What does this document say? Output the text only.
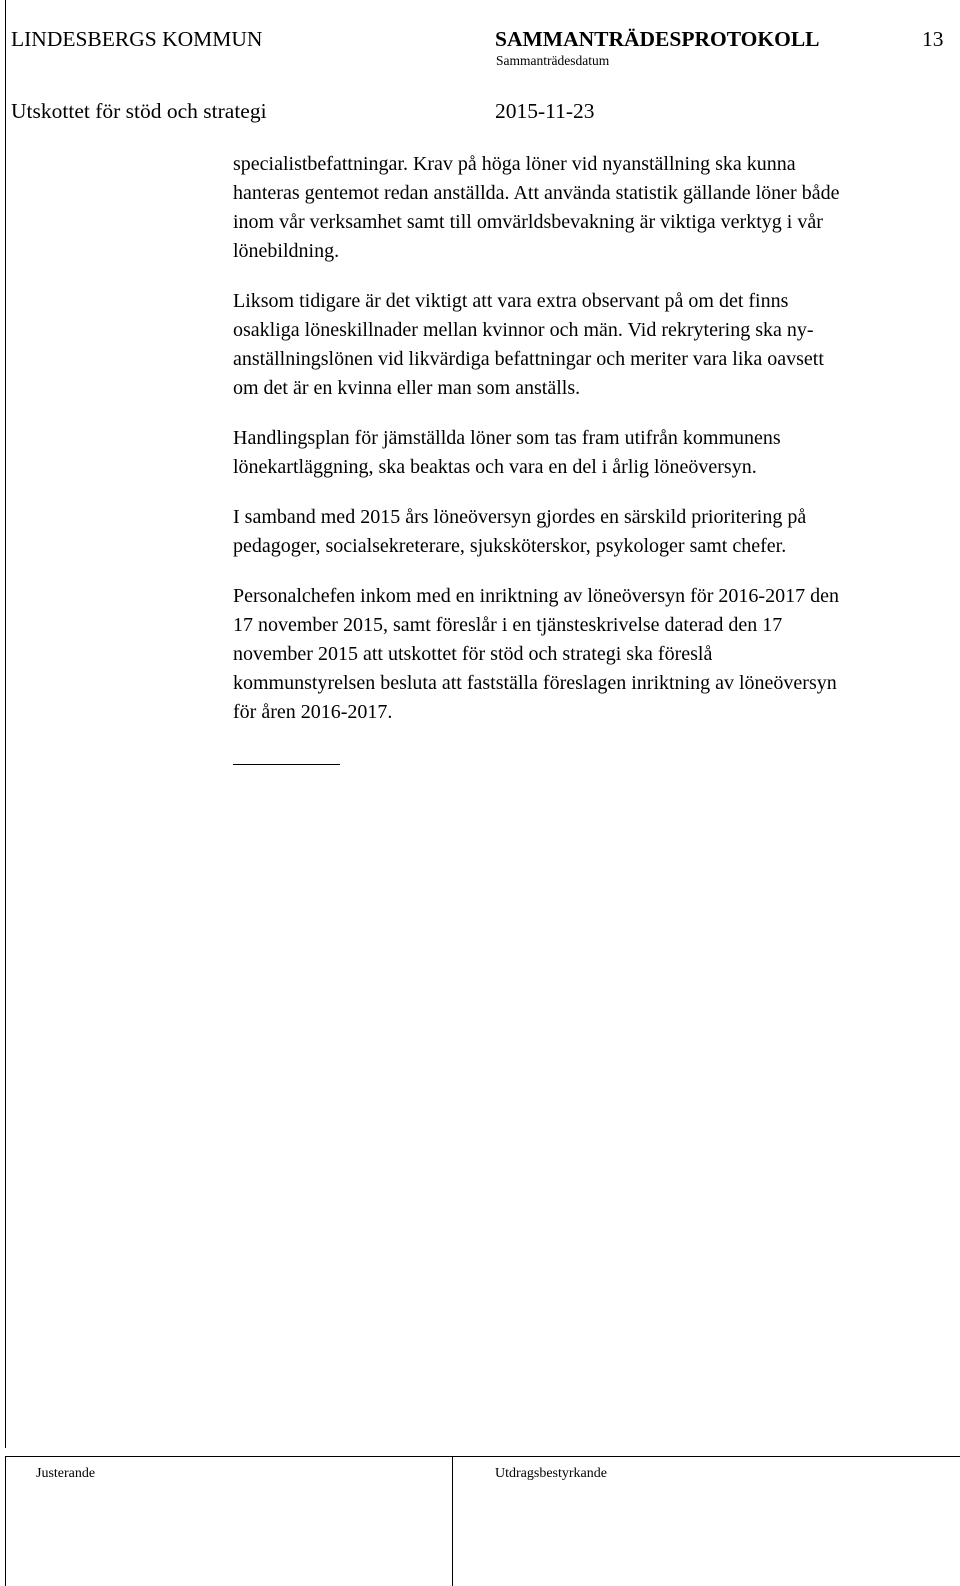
LINDESBERGS KOMMUN	SAMMANTRÄDESPROTOKOLL	13
Sammanträdesdatum
Utskottet för stöd och strategi	2015-11-23

specialistbefattningar. Krav på höga löner vid nyanställning ska kunna
hanteras gentemot redan anställda. Att använda statistik gällande löner både
inom vår verksamhet samt till omvärldsbevakning är viktiga verktyg i vår
lönebildning.

Liksom tidigare är det viktigt att vara extra observant på om det finns
osakliga löneskillnader mellan kvinnor och män. Vid rekrytering ska ny-
anställningslönen vid likvärdiga befattningar och meriter vara lika oavsett
om det är en kvinna eller man som anställs.

Handlingsplan för jämställda löner som tas fram utifrån kommunens
lönekartläggning, ska beaktas och vara en del i årlig löneöversyn.

I samband med 2015 års löneöversyn gjordes en särskild prioritering på
pedagoger, socialsekreterare, sjuksköterskor, psykologer samt chefer.

Personalchefen inkom med en inriktning av löneöversyn för 2016-2017 den
17 november 2015, samt föreslår i en tjänsteskrivelse daterad den 17
november 2015 att utskottet för stöd och strategi ska föreslå
kommunstyrelsen besluta att fastställa föreslagen inriktning av löneöversyn
för åren 2016-2017.

Justerande	Utdragsbestyrkande
